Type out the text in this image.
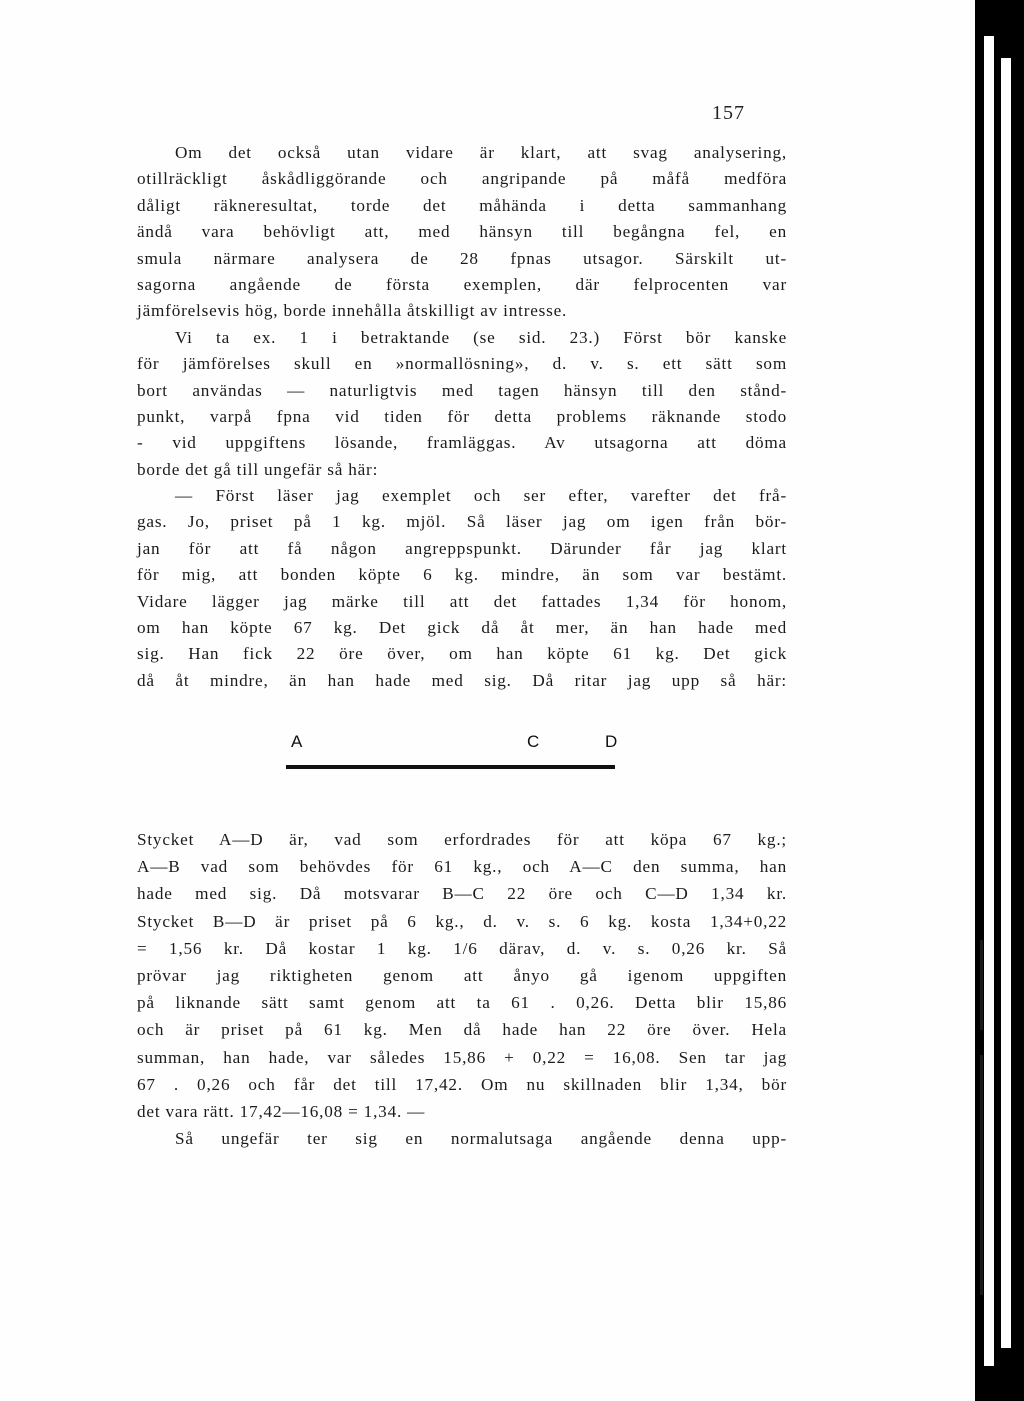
157
Om det också utan vidare är klart, att svag analysering,
otillräckligt åskådliggörande och angripande på måfå medföra
dåligt räkneresultat, torde det måhända i detta sammanhang
ändå vara behövligt att, med hänsyn till begångna fel, en
smula närmare analysera de 28 fpnas utsagor. Särskilt ut-
sagorna angående de första exemplen, där felprocenten var
jämförelsevis hög, borde innehålla åtskilligt av intresse.
Vi ta ex. 1 i betraktande (se sid. 23.) Först bör kanske
för jämförelses skull en »normallösning», d. v. s. ett sätt som
bort användas — naturligtvis med tagen hänsyn till den stånd-
punkt, varpå fpna vid tiden för detta problems räknande stodo
- vid uppgiftens lösande, framläggas. Av utsagorna att döma
borde det gå till ungefär så här:
— Först läser jag exemplet och ser efter, varefter det frå-
gas. Jo, priset på 1 kg. mjöl. Så läser jag om igen från bör-
jan för att få någon angreppspunkt. Därunder får jag klart
för mig, att bonden köpte 6 kg. mindre, än som var bestämt.
Vidare lägger jag märke till att det fattades 1,34 för honom,
om han köpte 67 kg. Det gick då åt mer, än han hade med
sig. Han fick 22 öre över, om han köpte 61 kg. Det gick
då åt mindre, än han hade med sig. Då ritar jag upp så här:
A	C	D
Stycket A—D är, vad som erfordrades för att köpa 67 kg.;
A—B vad som behövdes för 61 kg., och A—C den summa, han
hade med sig. Då motsvarar B—C 22 öre och C—D 1,34 kr.
Stycket B—D är priset på 6 kg., d. v. s. 6 kg. kosta 1,34+0,22
= 1,56 kr. Då kostar 1 kg. 1/6 därav, d. v. s. 0,26 kr. Så
prövar jag riktigheten genom att ånyo gå igenom uppgiften
på liknande sätt samt genom att ta 61 . 0,26. Detta blir 15,86
och är priset på 61 kg. Men då hade han 22 öre över. Hela
summan, han hade, var således 15,86 + 0,22 = 16,08. Sen tar jag
67 . 0,26 och får det till 17,42. Om nu skillnaden blir 1,34, bör
det vara rätt. 17,42—16,08 = 1,34. —
Så ungefär ter sig en normalutsaga angående denna upp-
